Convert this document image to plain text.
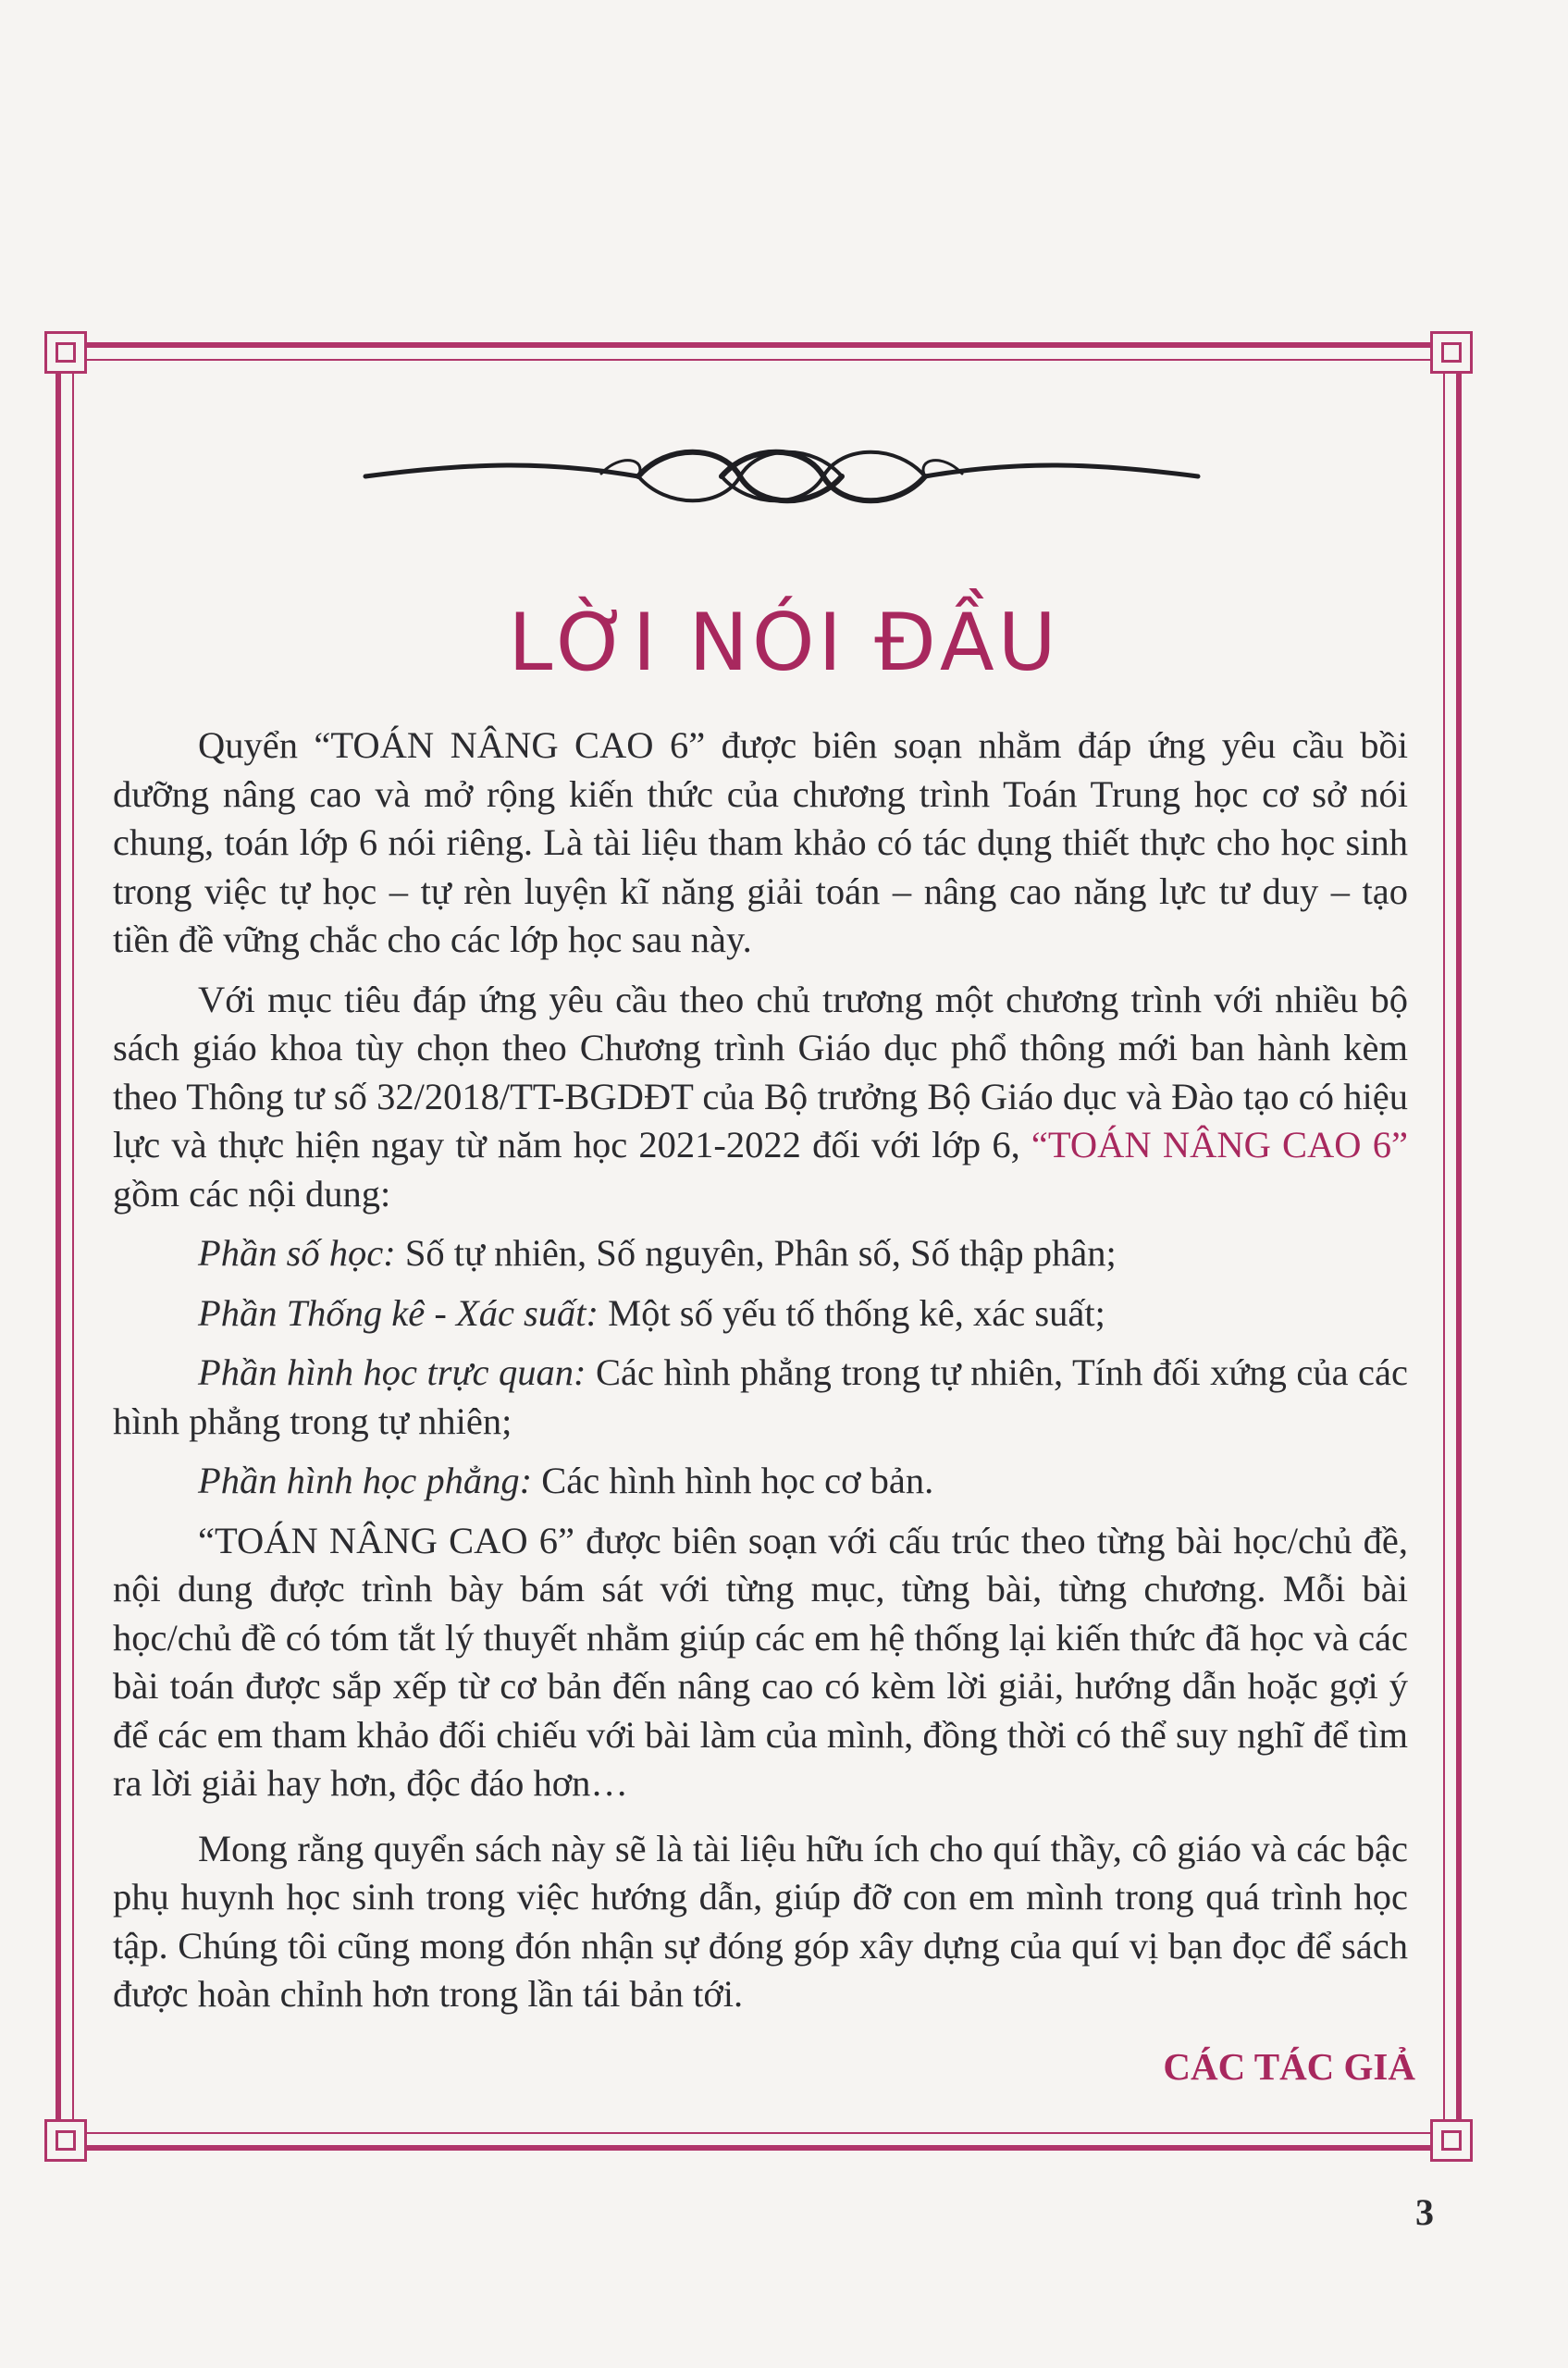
LỜI NÓI ĐẦU

Quyển “TOÁN NÂNG CAO 6” được biên soạn nhằm đáp ứng yêu cầu bồi dưỡng nâng cao và mở rộng kiến thức của chương trình Toán Trung học cơ sở nói chung, toán lớp 6 nói riêng. Là tài liệu tham khảo có tác dụng thiết thực cho học sinh trong việc tự học – tự rèn luyện kĩ năng giải toán – nâng cao năng lực tư duy – tạo tiền đề vững chắc cho các lớp học sau này.

Với mục tiêu đáp ứng yêu cầu theo chủ trương một chương trình với nhiều bộ sách giáo khoa tùy chọn theo Chương trình Giáo dục phổ thông mới ban hành kèm theo Thông tư số 32/2018/TT-BGDĐT của Bộ trưởng Bộ Giáo dục và Đào tạo có hiệu lực và thực hiện ngay từ năm học 2021-2022 đối với lớp 6, “TOÁN NÂNG CAO 6” gồm các nội dung:

Phần số học: Số tự nhiên, Số nguyên, Phân số, Số thập phân;

Phần Thống kê - Xác suất: Một số yếu tố thống kê, xác suất;

Phần hình học trực quan: Các hình phẳng trong tự nhiên, Tính đối xứng của các hình phẳng trong tự nhiên;

Phần hình học phẳng: Các hình hình học cơ bản.

“TOÁN NÂNG CAO 6” được biên soạn với cấu trúc theo từng bài học/chủ đề, nội dung được trình bày bám sát với từng mục, từng bài, từng chương. Mỗi bài học/chủ đề có tóm tắt lý thuyết nhằm giúp các em hệ thống lại kiến thức đã học và các bài toán được sắp xếp từ cơ bản đến nâng cao có kèm lời giải, hướng dẫn hoặc gợi ý để các em tham khảo đối chiếu với bài làm của mình, đồng thời có thể suy nghĩ để tìm ra lời giải hay hơn, độc đáo hơn…

Mong rằng quyển sách này sẽ là tài liệu hữu ích cho quí thầy, cô giáo và các bậc phụ huynh học sinh trong việc hướng dẫn, giúp đỡ con em mình trong quá trình học tập. Chúng tôi cũng mong đón nhận sự đóng góp xây dựng của quí vị bạn đọc để sách được hoàn chỉnh hơn trong lần tái bản tới.

CÁC TÁC GIẢ

3
